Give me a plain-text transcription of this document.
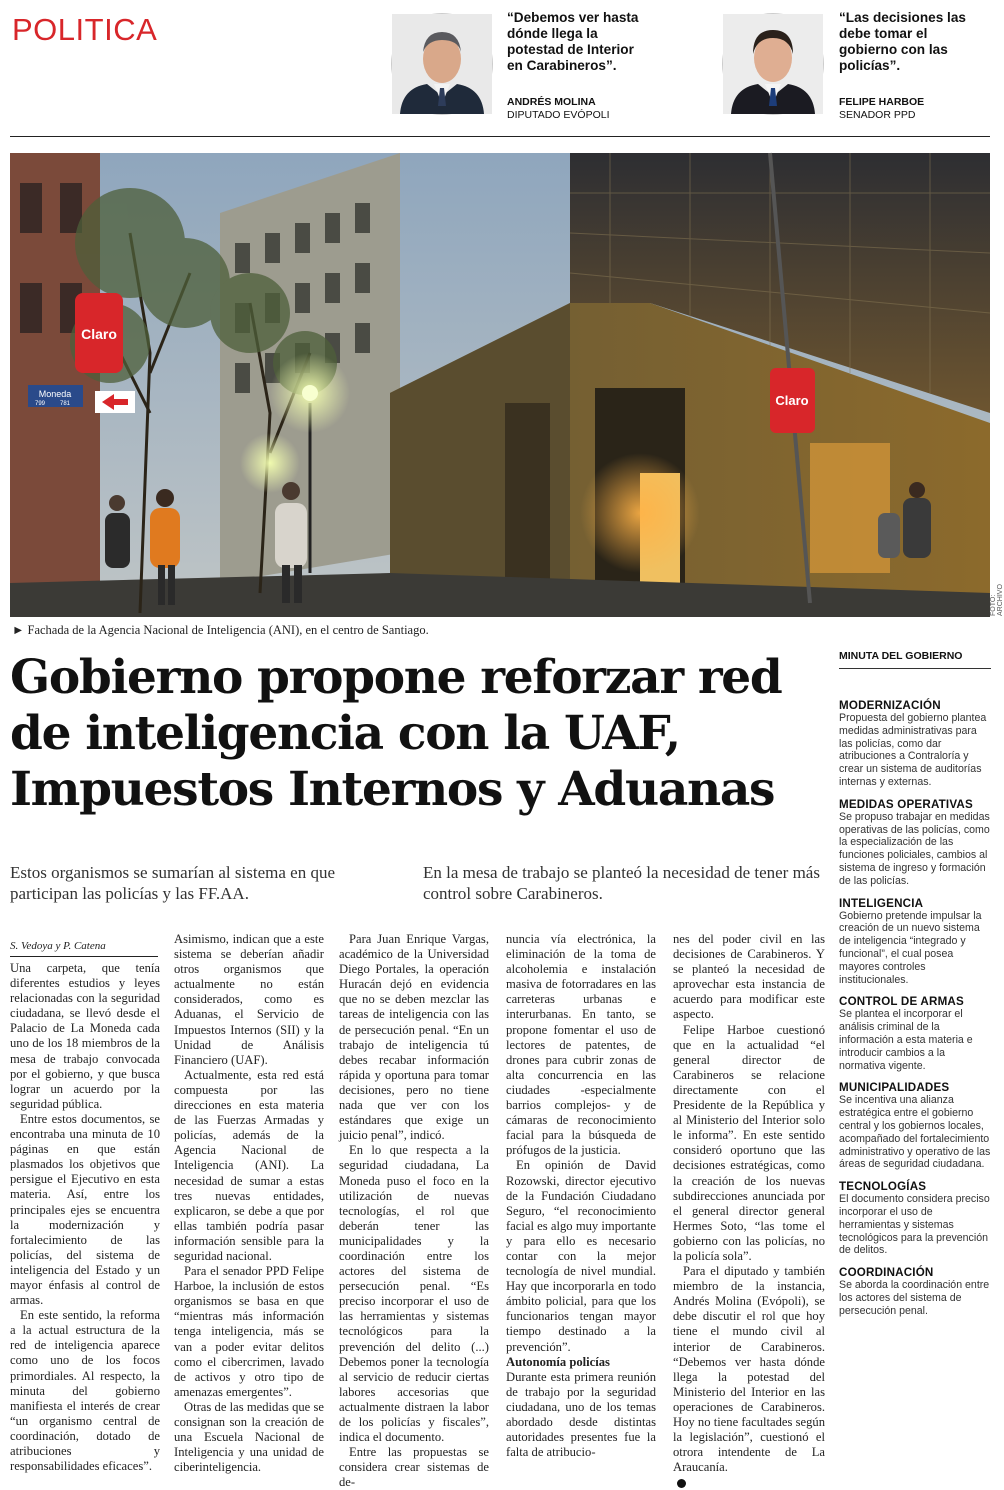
POLITICA	“Debemos ver hasta dónde llega la potestad de Interior en Carabineros”.
ANDRÉS MOLINA
DIPUTADO EVÓPOLI
“Las decisiones las debe tomar el gobierno con las policías”.
FELIPE HARBOE
SENADOR PPD
Claro
Claro
Moneda
799 781
FOTO: ARCHIVO
► Fachada de la Agencia Nacional de Inteligencia (ANI), en el centro de Santiago.
Gobierno propone reforzar red de inteligencia con la UAF, Impuestos Internos y Aduanas
Estos organismos se sumarían al sistema en que participan las policías y las FF.AA.
En la mesa de trabajo se planteó la necesidad de tener más control sobre Carabineros.
S. Vedoya y P. Catena

Una carpeta, que tenía diferentes estudios y leyes relacionadas con la seguridad ciudadana, se llevó desde el Palacio de La Moneda cada uno de los 18 miembros de la mesa de trabajo convocada por el gobierno, y que busca lograr un acuerdo por la seguridad pública.

Entre estos documentos, se encontraba una minuta de 10 páginas en que están plasmados los objetivos que persigue el Ejecutivo en esta materia. Así, entre los principales ejes se encuentra la modernización y fortalecimiento de las policías, del sistema de inteligencia del Estado y un mayor énfasis al control de armas.

En este sentido, la reforma a la actual estructura de la red de inteligencia aparece como uno de los focos primordiales. Al respecto, la minuta del gobierno manifiesta el interés de crear “un organismo central de coordinación, dotado de atribuciones y responsabilidades eficaces”.

Asimismo, indican que a este sistema se deberían añadir otros organismos que actualmente no están considerados, como es Aduanas, el Servicio de Impuestos Internos (SII) y la Unidad de Análisis Financiero (UAF).

Actualmente, esta red está compuesta por las direcciones en esta materia de las Fuerzas Armadas y policías, además de la Agencia Nacional de Inteligencia (ANI). La necesidad de sumar a estas tres nuevas entidades, explicaron, se debe a que por ellas también podría pasar información sensible para la seguridad nacional.

Para el senador PPD Felipe Harboe, la inclusión de estos organismos se basa en que “mientras más información tenga inteligencia, más se van a poder evitar delitos como el cibercrimen, lavado de activos y otro tipo de amenazas emergentes”.

Otras de las medidas que se consignan son la creación de una Escuela Nacional de Inteligencia y una unidad de ciberinteligencia.

Para Juan Enrique Vargas, académico de la Universidad Diego Portales, la operación Huracán dejó en evidencia que no se deben mezclar las tareas de inteligencia con las de persecución penal. “En un trabajo de inteligencia tú debes recabar información rápida y oportuna para tomar decisiones, pero no tiene nada que ver con los estándares que exige un juicio penal”, indicó.

En lo que respecta a la seguridad ciudadana, La Moneda puso el foco en la utilización de nuevas tecnologías, el rol que deberán tener las municipalidades y la coordinación entre los actores del sistema de persecución penal. “Es preciso incorporar el uso de las herramientas y sistemas tecnológicos para la prevención del delito (...) Debemos poner la tecnología al servicio de reducir ciertas labores accesorias que actualmente distraen la labor de los policías y fiscales”, indica el documento.

Entre las propuestas se considera crear sistemas de de-

nuncia vía electrónica, la eliminación de la toma de alcoholemia e instalación masiva de fotorradares en las carreteras urbanas e interurbanas. En tanto, se propone fomentar el uso de lectores de patentes, de drones para cubrir zonas de alta concurrencia en las ciudades -especialmente barrios complejos- y de cámaras de reconocimiento facial para la búsqueda de prófugos de la justicia.

En opinión de David Rozowski, director ejecutivo de la Fundación Ciudadano Seguro, “el reconocimiento facial es algo muy importante y para ello es necesario contar con la mejor tecnología de nivel mundial. Hay que incorporarla en todo ámbito policial, para que los funcionarios tengan mayor tiempo destinado a la prevención”.

Autonomía policías

Durante esta primera reunión de trabajo por la seguridad ciudadana, uno de los temas abordado desde distintas autoridades presentes fue la falta de atribucio-

nes del poder civil en las decisiones de Carabineros. Y se planteó la necesidad de aprovechar esta instancia de acuerdo para modificar este aspecto.

Felipe Harboe cuestionó que en la actualidad “el general director de Carabineros se relacione directamente con el Presidente de la República y al Ministerio del Interior solo le informa”. En este sentido consideró oportuno que las decisiones estratégicas, como la creación de los nuevas subdirecciones anunciada por el general director general Hermes Soto, “las tome el gobierno con las policías, no la policía sola”.

Para el diputado y también miembro de la instancia, Andrés Molina (Evópoli), se debe discutir el rol que hoy tiene el mundo civil al interior de Carabineros. “Debemos ver hasta dónde llega la potestad del Ministerio del Interior en las operaciones de Carabineros. Hoy no tiene facultades según la legislación”, cuestionó el otrora intendente de La Araucanía.

MINUTA DEL GOBIERNO
MODERNIZACIÓN
Propuesta del gobierno plantea medidas administrativas para las policías, como dar atribuciones a Contraloría y crear un sistema de auditorías internas y externas.
MEDIDAS OPERATIVAS
Se propuso trabajar en medidas operativas de las policías, como la especialización de las funciones policiales, cambios al sistema de ingreso y formación de las policías.
INTELIGENCIA
Gobierno pretende impulsar la creación de un nuevo sistema de inteligencia “integrado y funcional”, el cual posea mayores controles institucionales.
CONTROL DE ARMAS
Se plantea el incorporar el análisis criminal de la información a esta materia e introducir cambios a la normativa vigente.
MUNICIPALIDADES
Se incentiva una alianza estratégica entre el gobierno central y los gobiernos locales, acompañado del fortalecimiento administrativo y operativo de las áreas de seguridad ciudadana.
TECNOLOGÍAS
El documento considera preciso incorporar el uso de herramientas y sistemas tecnológicos para la prevención de delitos.
COORDINACIÓN
Se aborda la coordinación entre los actores del sistema de persecución penal.
